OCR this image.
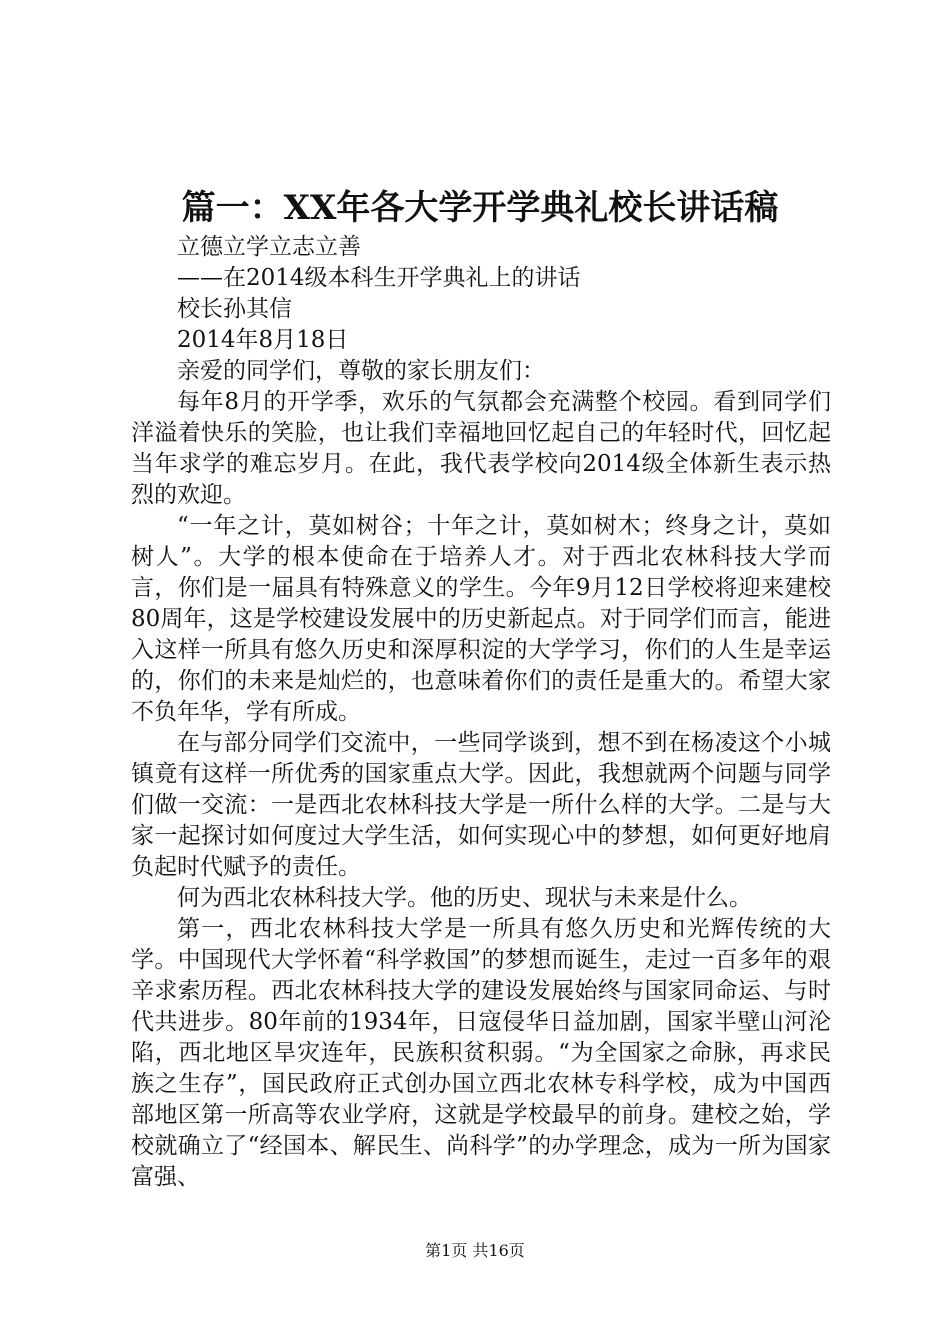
篇一：XX年各大学开学典礼校长讲话稿

立德立学立志立善

——在2014级本科生开学典礼上的讲话

校长孙其信

2014年8月18日

亲爱的同学们，尊敬的家长朋友们：

每年8月的开学季，欢乐的气氛都会充满整个校园。看到同学们洋溢着快乐的笑脸，也让我们幸福地回忆起自己的年轻时代，回忆起当年求学的难忘岁月。在此，我代表学校向2014级全体新生表示热烈的欢迎。

“一年之计，莫如树谷；十年之计，莫如树木；终身之计，莫如树人”。大学的根本使命在于培养人才。对于西北农林科技大学而言，你们是一届具有特殊意义的学生。今年9月12日学校将迎来建校80周年，这是学校建设发展中的历史新起点。对于同学们而言，能进入这样一所具有悠久历史和深厚积淀的大学学习，你们的人生是幸运的，你们的未来是灿烂的，也意味着你们的责任是重大的。希望大家不负年华，学有所成。

在与部分同学们交流中，一些同学谈到，想不到在杨凌这个小城镇竟有这样一所优秀的国家重点大学。因此，我想就两个问题与同学们做一交流：一是西北农林科技大学是一所什么样的大学。二是与大家一起探讨如何度过大学生活，如何实现心中的梦想，如何更好地肩负起时代赋予的责任。

何为西北农林科技大学。他的历史、现状与未来是什么。

第一，西北农林科技大学是一所具有悠久历史和光辉传统的大学。中国现代大学怀着“科学救国”的梦想而诞生，走过一百多年的艰辛求索历程。西北农林科技大学的建设发展始终与国家同命运、与时代共进步。80年前的1934年，日寇侵华日益加剧，国家半壁山河沦陷，西北地区旱灾连年，民族积贫积弱。“为全国家之命脉，再求民族之生存”，国民政府正式创办国立西北农林专科学校，成为中国西部地区第一所高等农业学府，这就是学校最早的前身。建校之始，学校就确立了“经国本、解民生、尚科学”的办学理念，成为一所为国家富强、

第1页 共16页
